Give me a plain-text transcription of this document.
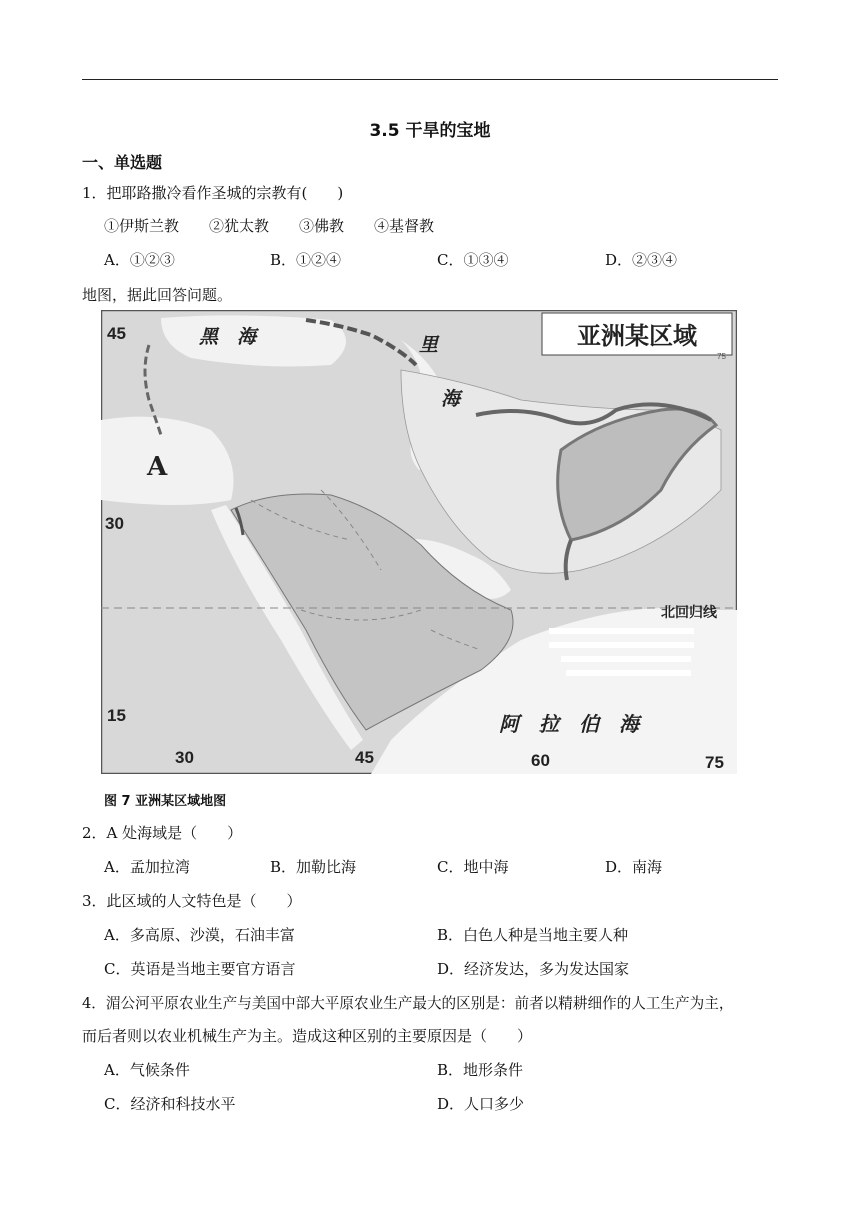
3.5 干旱的宝地
一、单选题
1．把耶路撒冷看作圣城的宗教有(　　)
①伊斯兰教　　②犹太教　　③佛教　　④基督教
A．①②③	B．①②④	C．①③④	D．②③④
地图，据此回答问题。
亚洲某区域
黑　海	里
海
A
北回归线
阿　拉　伯　海
45
30
15
30	45	60	75
75
图 7 亚洲某区域地图
2．A 处海域是（　　）
A．孟加拉湾	B．加勒比海	C．地中海	D．南海
3．此区域的人文特色是（　　）
A．多高原、沙漠，石油丰富	B．白色人种是当地主要人种
C．英语是当地主要官方语言	D．经济发达，多为发达国家
4．湄公河平原农业生产与美国中部大平原农业生产最大的区别是：前者以精耕细作的人工生产为主，
而后者则以农业机械生产为主。造成这种区别的主要原因是（　　）
A．气候条件	B．地形条件
C．经济和科技水平	D．人口多少
